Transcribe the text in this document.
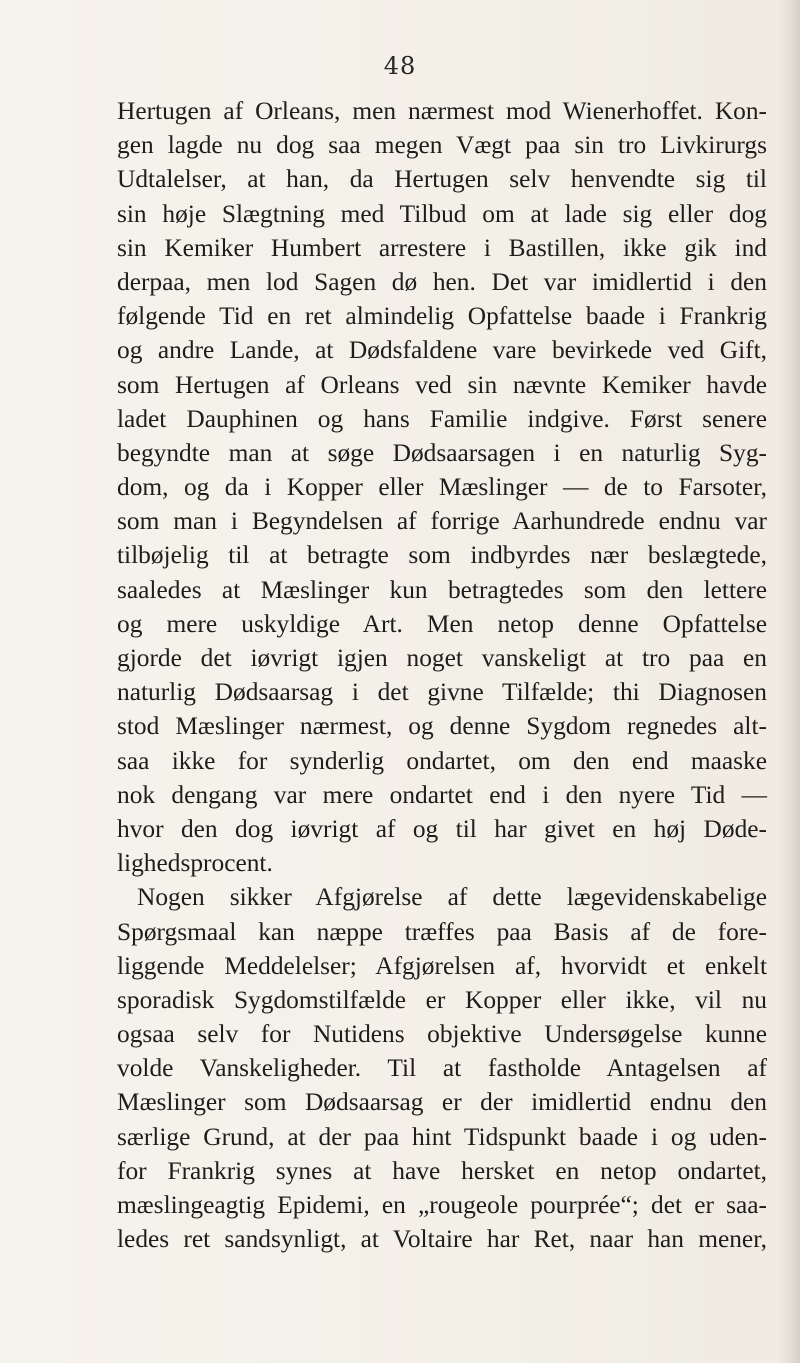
48
Hertugen af Orleans, men nærmest mod Wienerhoffet. Kon-
gen lagde nu dog saa megen Vægt paa sin tro Livkirurgs
Udtalelser, at han, da Hertugen selv henvendte sig til
sin høje Slægtning med Tilbud om at lade sig eller dog
sin Kemiker Humbert arrestere i Bastillen, ikke gik ind
derpaa, men lod Sagen dø hen. Det var imidlertid i den
følgende Tid en ret almindelig Opfattelse baade i Frankrig
og andre Lande, at Dødsfaldene vare bevirkede ved Gift,
som Hertugen af Orleans ved sin nævnte Kemiker havde
ladet Dauphinen og hans Familie indgive. Først senere
begyndte man at søge Dødsaarsagen i en naturlig Syg-
dom, og da i Kopper eller Mæslinger — de to Farsoter,
som man i Begyndelsen af forrige Aarhundrede endnu var
tilbøjelig til at betragte som indbyrdes nær beslægtede,
saaledes at Mæslinger kun betragtedes som den lettere
og mere uskyldige Art. Men netop denne Opfattelse
gjorde det iøvrigt igjen noget vanskeligt at tro paa en
naturlig Dødsaarsag i det givne Tilfælde; thi Diagnosen
stod Mæslinger nærmest, og denne Sygdom regnedes alt-
saa ikke for synderlig ondartet, om den end maaske
nok dengang var mere ondartet end i den nyere Tid —
hvor den dog iøvrigt af og til har givet en høj Døde-
lighedsprocent.
Nogen sikker Afgjørelse af dette lægevidenskabelige
Spørgsmaal kan næppe træffes paa Basis af de fore-
liggende Meddelelser; Afgjørelsen af, hvorvidt et enkelt
sporadisk Sygdomstilfælde er Kopper eller ikke, vil nu
ogsaa selv for Nutidens objektive Undersøgelse kunne
volde Vanskeligheder. Til at fastholde Antagelsen af
Mæslinger som Dødsaarsag er der imidlertid endnu den
særlige Grund, at der paa hint Tidspunkt baade i og uden-
for Frankrig synes at have hersket en netop ondartet,
mæslingeagtig Epidemi, en „rougeole pourprée“; det er saa-
ledes ret sandsynligt, at Voltaire har Ret, naar han mener,
